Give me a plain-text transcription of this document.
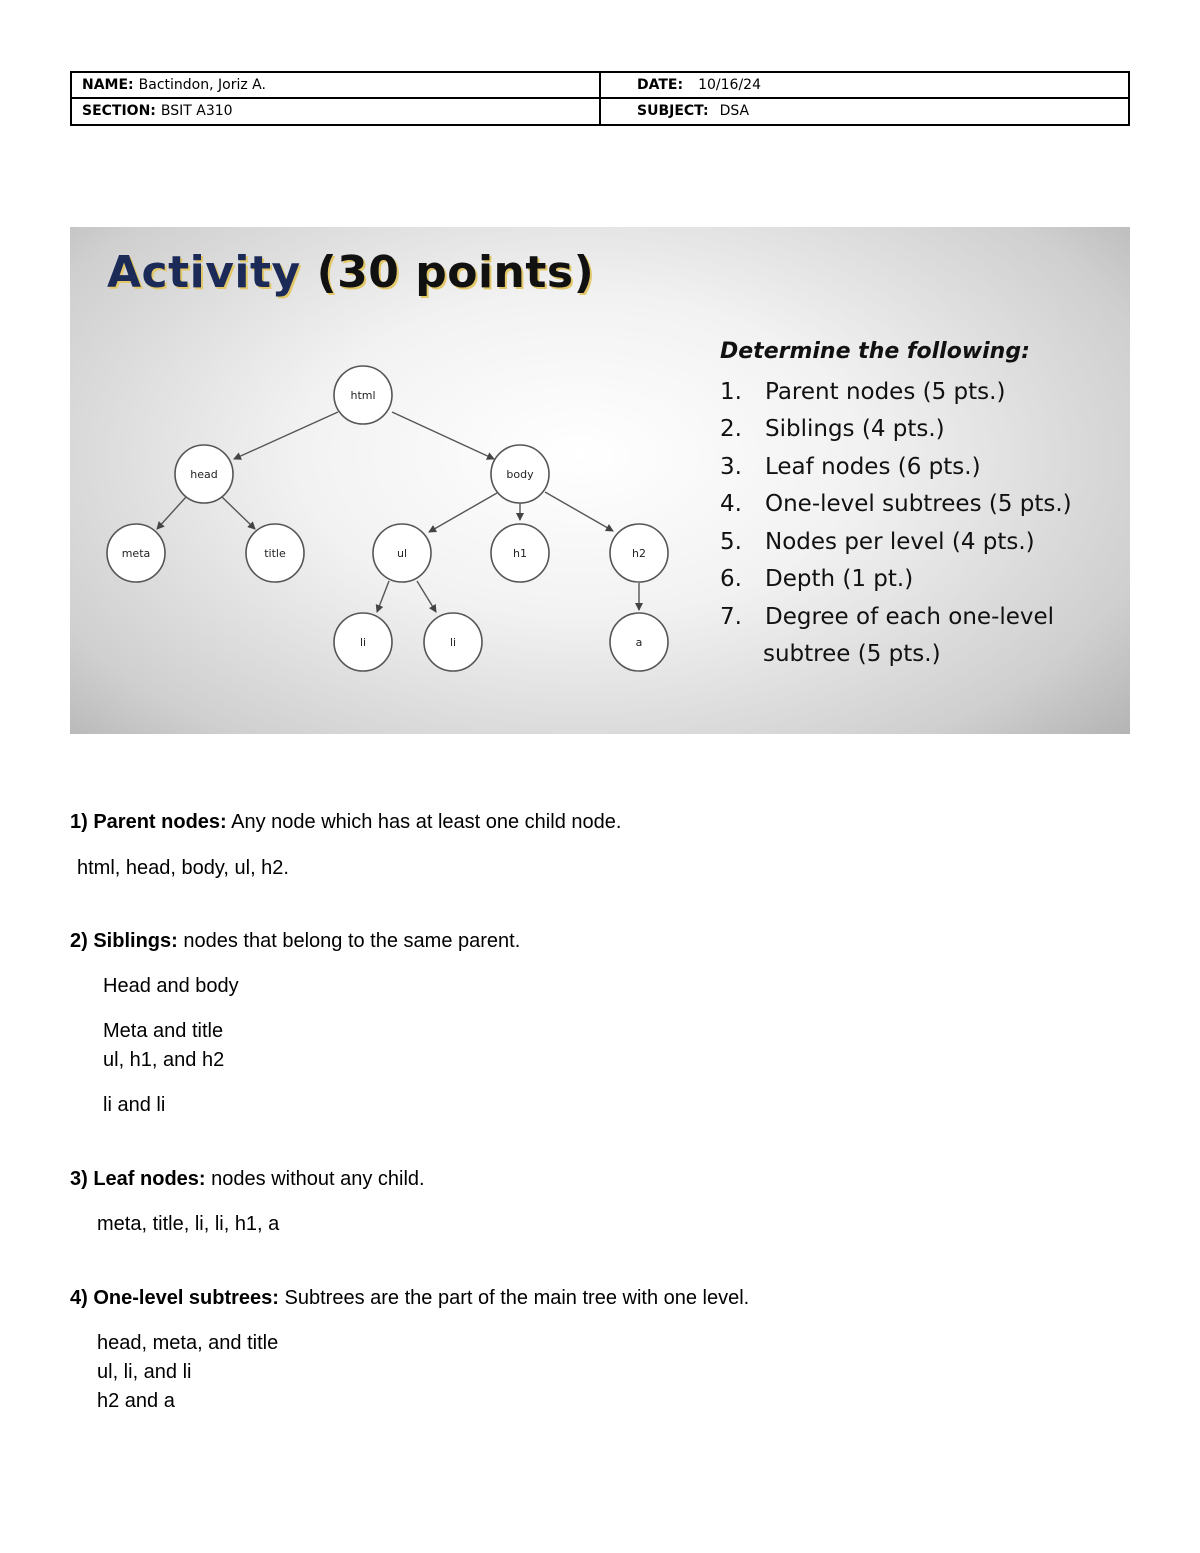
NAME: Bactindon, Joriz A.	DATE: 10/16/24
SECTION: BSIT A310	SUBJECT: DSA
Activity (30 points)
html
head	body
meta	title	ul	h1	h2
li	li	a
Determine the following:
1.	Parent nodes (5 pts.)
2.	Siblings (4 pts.)
3.	Leaf nodes (6 pts.)
4.	One-level subtrees (5 pts.)
5.	Nodes per level (4 pts.)
6.	Depth (1 pt.)
7.	Degree of each one-level
subtree (5 pts.)
1) Parent nodes: Any node which has at least one child node.
html, head, body, ul, h2.
2) Siblings: nodes that belong to the same parent.
Head and body
Meta and title
ul, h1, and h2
li and li
3) Leaf nodes: nodes without any child.
meta, title, li, li, h1, a
4) One-level subtrees: Subtrees are the part of the main tree with one level.
head, meta, and title
ul, li, and li
h2 and a
